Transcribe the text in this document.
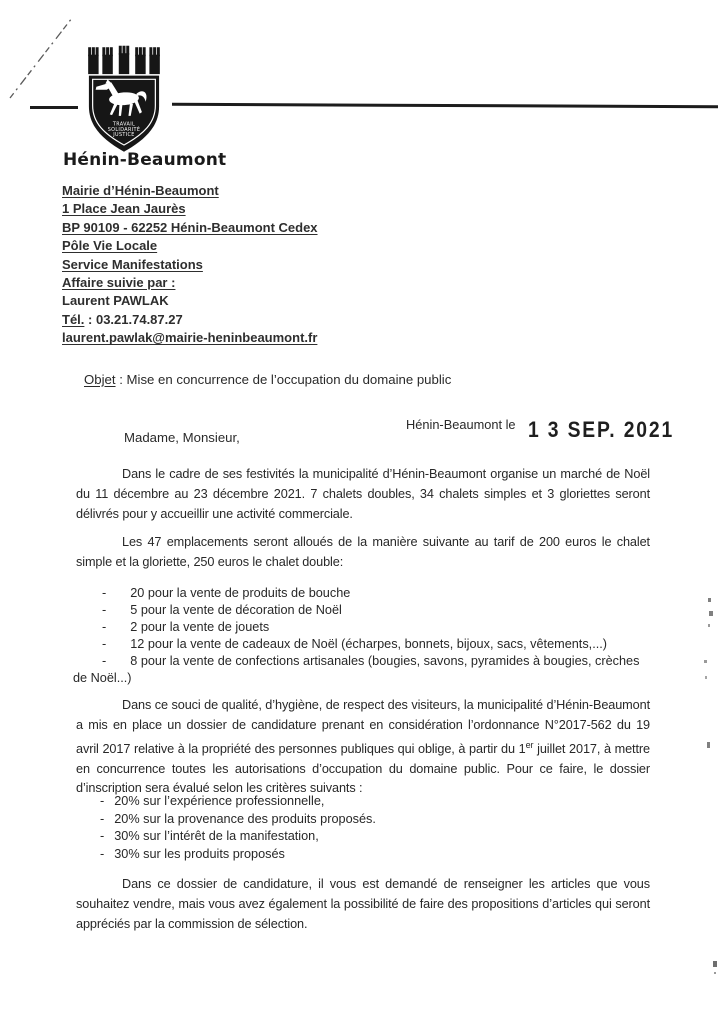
TRAVAIL
SOLIDARITÉ
JUSTICE
Hénin-Beaumont
Mairie d’Hénin-Beaumont
1 Place Jean Jaurès
BP 90109 - 62252 Hénin-Beaumont Cedex
Pôle Vie Locale
Service Manifestations
Affaire suivie par :
Laurent PAWLAK
Tél. : 03.21.74.87.27
laurent.pawlak@mairie-heninbeaumont.fr
Objet : Mise en concurrence de l’occupation du domaine public
Hénin-Beaumont le 1 3 SEP. 2021
Madame, Monsieur,
Dans le cadre de ses festivités la municipalité d’Hénin-Beaumont organise un marché de Noël du 11 décembre au 23 décembre 2021. 7 chalets doubles, 34 chalets simples et 3 gloriettes seront délivrés pour y accueillir une activité commerciale.
Les 47 emplacements seront alloués de la manière suivante au tarif de 200 euros le chalet simple et la gloriette, 250 euros le chalet double:
- 20 pour la vente de produits de bouche
- 5 pour la vente de décoration de Noël
- 2 pour la vente de jouets
- 12 pour la vente de cadeaux de Noël (écharpes, bonnets, bijoux, sacs, vêtements,...)
- 8 pour la vente de confections artisanales (bougies, savons, pyramides à bougies, crèches de Noël...)
Dans ce souci de qualité, d’hygiène, de respect des visiteurs, la municipalité d’Hénin-Beaumont a mis en place un dossier de candidature prenant en considération l’ordonnance N°2017-562 du 19 avril 2017 relative à la propriété des personnes publiques qui oblige, à partir du 1er juillet 2017, à mettre en concurrence toutes les autorisations d’occupation du domaine public. Pour ce faire, le dossier d’inscription sera évalué selon les critères suivants :
- 20% sur l’expérience professionnelle,
- 20% sur la provenance des produits proposés.
- 30% sur l’intérêt de la manifestation,
- 30% sur les produits proposés
Dans ce dossier de candidature, il vous est demandé de renseigner les articles que vous souhaitez vendre, mais vous avez également la possibilité de faire des propositions d’articles qui seront appréciés par la commission de sélection.
